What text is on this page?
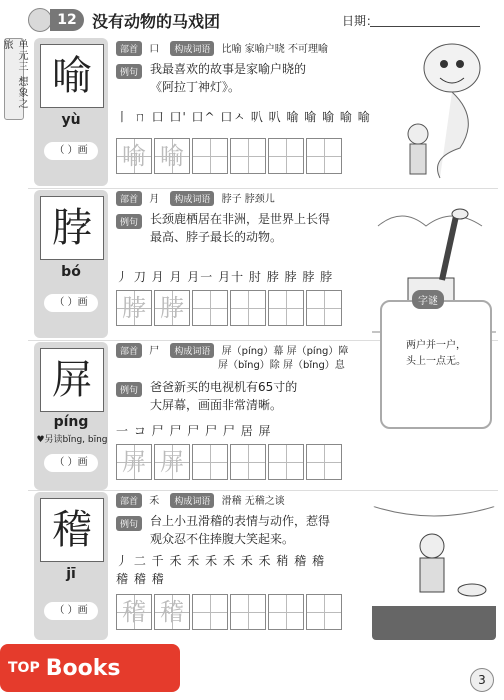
12 没有动物的马戏团	日期：
单元三 想象之旅
喻
yù
（ ）画
部首 口 构成词语 比喻 家喻户晓 不可理喻
例句 我最喜欢的故事是家喻户晓的
《阿拉丁神灯》。
丨 ㄇ 口 口' 口^ 口ㅅ 叭 叭 喻 喻 喻 喻 喻
喻 喻
脖
bó
（ ）画
部首 月 构成词语 脖子 脖颈儿
例句 长颈鹿栖居在非洲，是世界上长得
最高、脖子最长的动物。
丿 刀 月 月 月一 月十 肘 脖 脖 脖 脖
脖 脖
屏
píng
♥另读bǐng, bīng
（ ）画
部首 尸 构成词语 屏（píng）幕 屏（píng）障
屏（bǐng）除 屏（bǐng）息
例句 爸爸新买的电视机有65寸的
大屏幕，画面非常清晰。
一 コ 尸 尸 尸 尸 尸 居 屏
屏 屏
字谜
两户并一户，
头上一点无。
稽
jī
（ ）画
部首 禾 构成词语 滑稽 无稽之谈
例句 台上小丑滑稽的表情与动作，惹得
观众忍不住捧腹大笑起来。
丿 二 千 禾 禾 禾 禾 禾 禾 稍 稽 稽
稽 稽 稽
稽 稽
TOP Books	3
